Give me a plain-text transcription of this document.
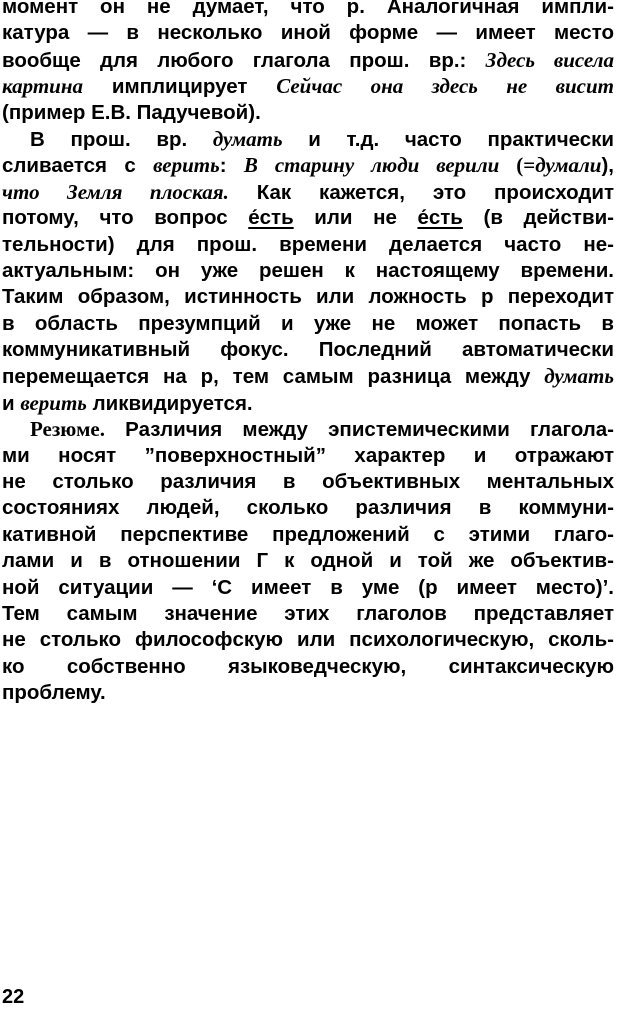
момент он не думает, что р. Аналогичная импли-
катура — в несколько иной форме — имеет место
вообще для любого глагола прош. вр.: Здесь висела
картина имплицирует Сейчас она здесь не висит
(пример Е.В. Падучевой).
В прош. вр. думать и т.д. часто практически
сливается с верить: В старину люди верили (=думали),
что Земля плоская. Как кажется, это происходит
потому, что вопрос е́сть или не е́сть (в действи-
тельности) для прош. времени делается часто не-
актуальным: он уже решен к настоящему времени.
Таким образом, истинность или ложность р переходит
в область презумпций и уже не может попасть в
коммуникативный фокус. Последний автоматически
перемещается на р, тем самым разница между думать
и верить ликвидируется.
Резюме. Различия между эпистемическими глагола-
ми носят ”поверхностный” характер и отражают
не столько различия в объективных ментальных
состояниях людей, сколько различия в коммуни-
кативной перспективе предложений с этими глаго-
лами и в отношении Г к одной и той же объектив-
ной ситуации — ‘С имеет в уме (р имеет место)’.
Тем самым значение этих глаголов представляет
не столько философскую или психологическую, сколь-
ко собственно языковедческую, синтаксическую
проблему.
22
